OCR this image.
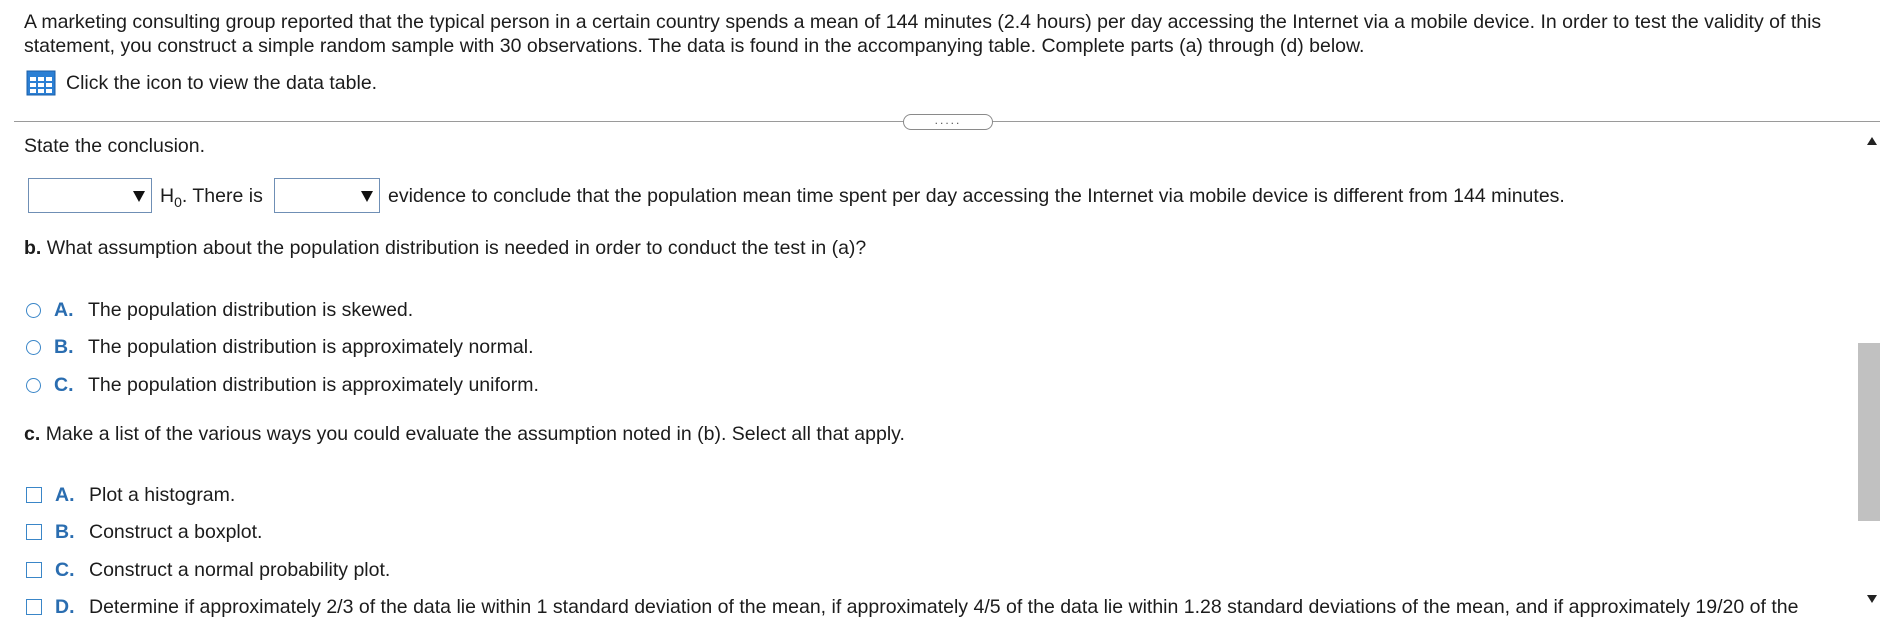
A marketing consulting group reported that the typical person in a certain country spends a mean of 144 minutes (2.4 hours) per day accessing the Internet via a mobile device. In order to test the validity of this
statement, you construct a simple random sample with 30 observations. The data is found in the accompanying table. Complete parts (a) through (d) below.
Click the icon to view the data table.
.....
State the conclusion.
$H_0$. There is	evidence to conclude that the population mean time spent per day accessing the Internet via mobile device is different from 144 minutes.
b. What assumption about the population distribution is needed in order to conduct the test in (a)?
A. The population distribution is skewed.
B. The population distribution is approximately normal.
C. The population distribution is approximately uniform.
c. Make a list of the various ways you could evaluate the assumption noted in (b). Select all that apply.
A. Plot a histogram.
B. Construct a boxplot.
C. Construct a normal probability plot.
D. Determine if approximately 2/3 of the data lie within 1 standard deviation of the mean, if approximately 4/5 of the data lie within 1.28 standard deviations of the mean, and if approximately 19/20 of the
